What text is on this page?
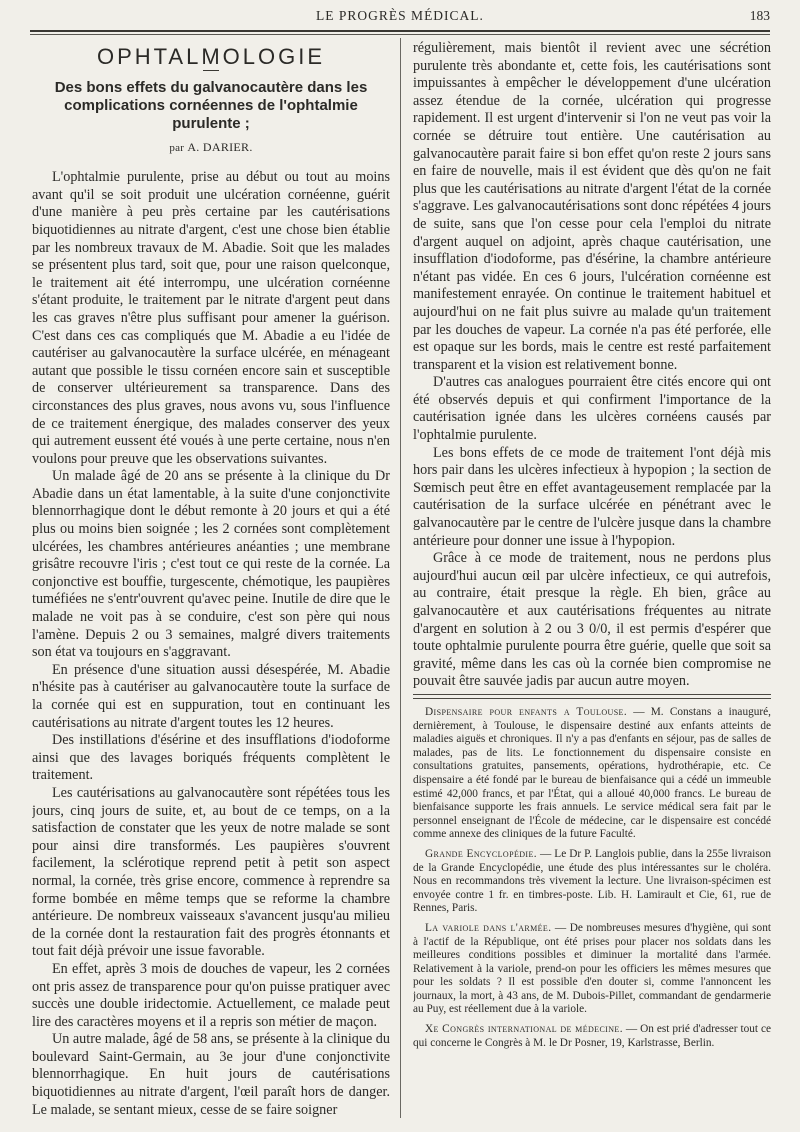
LE PROGRÈS MÉDICAL.	183
OPHTALMOLOGIE
Des bons effets du galvanocautère dans les complications cornéennes de l'ophtalmie purulente ;
par A. DARIER.

L'ophtalmie purulente, prise au début ou tout au moins avant qu'il se soit produit une ulcération cornéenne, guérit d'une manière à peu près certaine par les cautérisations biquotidiennes au nitrate d'argent, c'est une chose bien établie par les nombreux travaux de M. Abadie. Soit que les malades se présentent plus tard, soit que, pour une raison quelconque, le traitement ait été interrompu, une ulcération cornéenne s'étant produite, le traitement par le nitrate d'argent peut dans les cas graves n'être plus suffisant pour amener la guérison. C'est dans ces cas compliqués que M. Abadie a eu l'idée de cautériser au galvanocautère la surface ulcérée, en ménageant autant que possible le tissu cornéen encore sain et susceptible de conserver ultérieurement sa transparence. Dans des circonstances des plus graves, nous avons vu, sous l'influence de ce traitement énergique, des malades conserver des yeux qui autrement eussent été voués à une perte certaine, nous n'en voulons pour preuve que les observations suivantes.

Un malade âgé de 20 ans se présente à la clinique du Dr Abadie dans un état lamentable, à la suite d'une conjonctivite blennorrhagique dont le début remonte à 20 jours et qui a été plus ou moins bien soignée ; les 2 cornées sont complètement ulcérées, les chambres antérieures anéanties ; une membrane grisâtre recouvre l'iris ; c'est tout ce qui reste de la cornée. La conjonctive est bouffie, turgescente, chémotique, les paupières tuméfiées ne s'entr'ouvrent qu'avec peine. Inutile de dire que le malade ne voit pas à se conduire, c'est son père qui nous l'amène. Depuis 2 ou 3 semaines, malgré divers traitements son état va toujours en s'aggravant.

En présence d'une situation aussi désespérée, M. Abadie n'hésite pas à cautériser au galvanocautère toute la surface de la cornée qui est en suppuration, tout en continuant les cautérisations au nitrate d'argent toutes les 12 heures.

Des instillations d'ésérine et des insufflations d'iodoforme ainsi que des lavages boriqués fréquents complètent le traitement.

Les cautérisations au galvanocautère sont répétées tous les jours, cinq jours de suite, et, au bout de ce temps, on a la satisfaction de constater que les yeux de notre malade se sont pour ainsi dire transformés. Les paupières s'ouvrent facilement, la sclérotique reprend petit à petit son aspect normal, la cornée, très grise encore, commence à reprendre sa forme bombée en même temps que se reforme la chambre antérieure. De nombreux vaisseaux s'avancent jusqu'au milieu de la cornée dont la restauration fait des progrès étonnants et tout fait déjà prévoir une issue favorable.

En effet, après 3 mois de douches de vapeur, les 2 cornées ont pris assez de transparence pour qu'on puisse pratiquer avec succès une double iridectomie. Actuellement, ce malade peut lire des caractères moyens et il a repris son métier de maçon.

Un autre malade, âgé de 58 ans, se présente à la clinique du boulevard Saint-Germain, au 3e jour d'une conjonctivite blennorrhagique. En huit jours de cautérisations biquotidiennes au nitrate d'argent, l'œil paraît hors de danger. Le malade, se sentant mieux, cesse de se faire soigner

régulièrement, mais bientôt il revient avec une sécrétion purulente très abondante et, cette fois, les cautérisations sont impuissantes à empêcher le développement d'une ulcération assez étendue de la cornée, ulcération qui progresse rapidement. Il est urgent d'intervenir si l'on ne veut pas voir la cornée se détruire tout entière. Une cautérisation au galvanocautère parait faire si bon effet qu'on reste 2 jours sans en faire de nouvelle, mais il est évident que dès qu'on ne fait plus que les cautérisations au nitrate d'argent l'état de la cornée s'aggrave. Les galvanocautérisations sont donc répétées 4 jours de suite, sans que l'on cesse pour cela l'emploi du nitrate d'argent auquel on adjoint, après chaque cautérisation, une insufflation d'iodoforme, pas d'ésérine, la chambre antérieure n'étant pas vidée. En ces 6 jours, l'ulcération cornéenne est manifestement enrayée. On continue le traitement habituel et aujourd'hui on ne fait plus suivre au malade qu'un traitement par les douches de vapeur. La cornée n'a pas été perforée, elle est opaque sur les bords, mais le centre est resté parfaitement transparent et la vision est relativement bonne.

D'autres cas analogues pourraient être cités encore qui ont été observés depuis et qui confirment l'importance de la cautérisation ignée dans les ulcères cornéens causés par l'ophtalmie purulente.

Les bons effets de ce mode de traitement l'ont déjà mis hors pair dans les ulcères infectieux à hypopion ; la section de Sœmisch peut être en effet avantageusement remplacée par la cautérisation de la surface ulcérée en pénétrant avec le galvanocautère par le centre de l'ulcère jusque dans la chambre antérieure pour donner une issue à l'hypopion.

Grâce à ce mode de traitement, nous ne perdons plus aujourd'hui aucun œil par ulcère infectieux, ce qui autrefois, au contraire, était presque la règle. Eh bien, grâce au galvanocautère et aux cautérisations fréquentes au nitrate d'argent en solution à 2 ou 3 0/0, il est permis d'espérer que toute ophtalmie purulente pourra être guérie, quelle que soit sa gravité, même dans les cas où la cornée bien compromise ne pouvait être sauvée jadis par aucun autre moyen.

Dispensaire pour enfants a Toulouse. — M. Constans a inauguré, dernièrement, à Toulouse, le dispensaire destiné aux enfants atteints de maladies aiguës et chroniques. Il n'y a pas d'enfants en séjour, pas de salles de malades, pas de lits. Le fonctionnement du dispensaire consiste en consultations gratuites, pansements, opérations, hydrothérapie, etc. Ce dispensaire a été fondé par le bureau de bienfaisance qui a cédé un immeuble estimé 42,000 francs, et par l'État, qui a alloué 40,000 francs. Le bureau de bienfaisance supporte les frais annuels. Le service médical sera fait par le personnel enseignant de l'École de médecine, car le dispensaire est concédé comme annexe des cliniques de la future Faculté.

Grande Encyclopédie. — Le Dr P. Langlois publie, dans la 255e livraison de la Grande Encyclopédie, une étude des plus intéressantes sur le choléra. Nous en recommandons très vivement la lecture. Une livraison-spécimen est envoyée contre 1 fr. en timbres-poste. Lib. H. Lamirault et Cie, 61, rue de Rennes, Paris.

La variole dans l'armée. — De nombreuses mesures d'hygiène, qui sont à l'actif de la République, ont été prises pour placer nos soldats dans les meilleures conditions possibles et diminuer la mortalité dans l'armée. Relativement à la variole, prend-on pour les officiers les mêmes mesures que pour les soldats ? Il est possible d'en douter si, comme l'annoncent les journaux, la mort, à 43 ans, de M. Dubois-Pillet, commandant de gendarmerie au Puy, est réellement due à la variole.

Xe Congrès international de médecine. — On est prié d'adresser tout ce qui concerne le Congrès à M. le Dr Posner, 19, Karlstrasse, Berlin.
